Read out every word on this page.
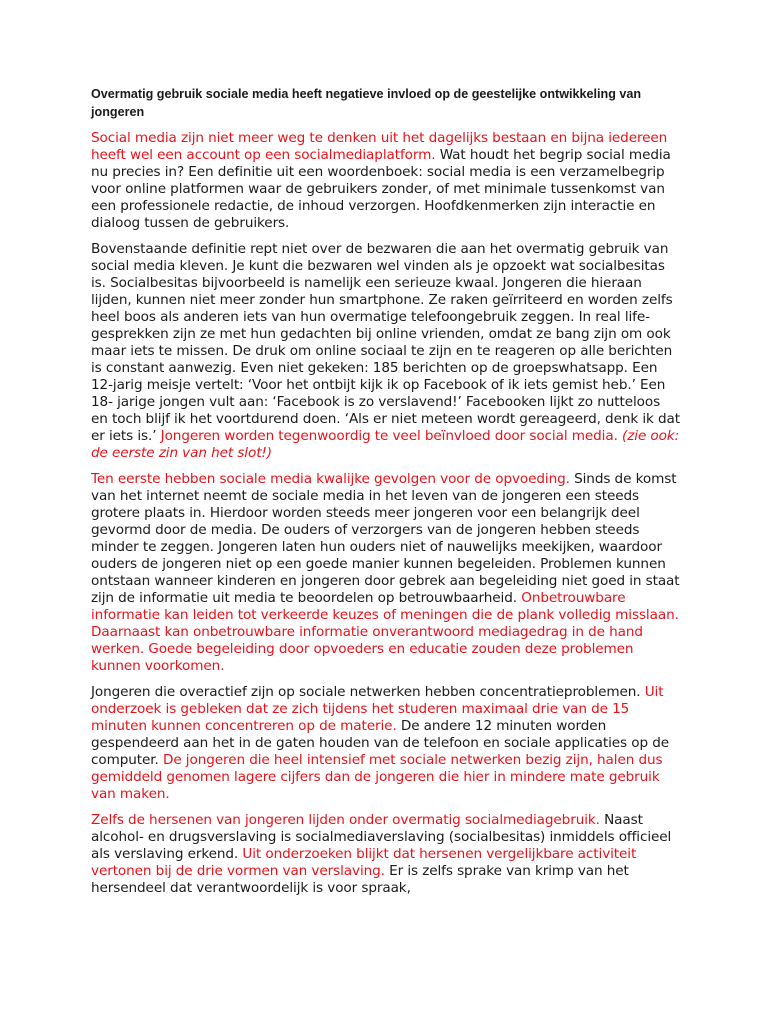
Overmatig gebruik sociale media heeft negatieve invloed op de geestelijke ontwikkeling van jongeren

Social media zijn niet meer weg te denken uit het dagelijks bestaan en bijna iedereen heeft wel een account op een socialmediaplatform. Wat houdt het begrip social media nu precies in? Een definitie uit een woordenboek: social media is een verzamelbegrip voor online platformen waar de gebruikers zonder, of met minimale tussenkomst van een professionele redactie, de inhoud verzorgen. Hoofdkenmerken zijn interactie en dialoog tussen de gebruikers.

Bovenstaande definitie rept niet over de bezwaren die aan het overmatig gebruik van social media kleven. Je kunt die bezwaren wel vinden als je opzoekt wat socialbesitas is. Socialbesitas bijvoorbeeld is namelijk een serieuze kwaal. Jongeren die hieraan lijden, kunnen niet meer zonder hun smartphone. Ze raken geïrriteerd en worden zelfs heel boos als anderen iets van hun overmatige telefoongebruik zeggen. In real life-gesprekken zijn ze met hun gedachten bij online vrienden, omdat ze bang zijn om ook maar iets te missen. De druk om online sociaal te zijn en te reageren op alle berichten is constant aanwezig. Even niet gekeken: 185 berichten op de groepswhatsapp. Een 12-jarig meisje vertelt: ‘Voor het ontbijt kijk ik op Facebook of ik iets gemist heb.’ Een 18- jarige jongen vult aan: ‘Facebook is zo verslavend!’ Facebooken lijkt zo nutteloos en toch blijf ik het voortdurend doen. ‘Als er niet meteen wordt gereageerd, denk ik dat er iets is.’ Jongeren worden tegenwoordig te veel beïnvloed door social media. (zie ook: de eerste zin van het slot!)

Ten eerste hebben sociale media kwalijke gevolgen voor de opvoeding. Sinds de komst van het internet neemt de sociale media in het leven van de jongeren een steeds grotere plaats in. Hierdoor worden steeds meer jongeren voor een belangrijk deel gevormd door de media. De ouders of verzorgers van de jongeren hebben steeds minder te zeggen. Jongeren laten hun ouders niet of nauwelijks meekijken, waardoor ouders de jongeren niet op een goede manier kunnen begeleiden. Problemen kunnen ontstaan wanneer kinderen en jongeren door gebrek aan begeleiding niet goed in staat zijn de informatie uit media te beoordelen op betrouwbaarheid. Onbetrouwbare informatie kan leiden tot verkeerde keuzes of meningen die de plank volledig misslaan. Daarnaast kan onbetrouwbare informatie onverantwoord mediagedrag in de hand werken. Goede begeleiding door opvoeders en educatie zouden deze problemen kunnen voorkomen.

Jongeren die overactief zijn op sociale netwerken hebben concentratieproblemen. Uit onderzoek is gebleken dat ze zich tijdens het studeren maximaal drie van de 15 minuten kunnen concentreren op de materie. De andere 12 minuten worden gespendeerd aan het in de gaten houden van de telefoon en sociale applicaties op de computer. De jongeren die heel intensief met sociale netwerken bezig zijn, halen dus gemiddeld genomen lagere cijfers dan de jongeren die hier in mindere mate gebruik van maken.

Zelfs de hersenen van jongeren lijden onder overmatig socialmediagebruik. Naast alcohol- en drugsverslaving is socialmediaverslaving (socialbesitas) inmiddels officieel als verslaving erkend. Uit onderzoeken blijkt dat hersenen vergelijkbare activiteit vertonen bij de drie vormen van verslaving. Er is zelfs sprake van krimp van het hersendeel dat verantwoordelijk is voor spraak,
